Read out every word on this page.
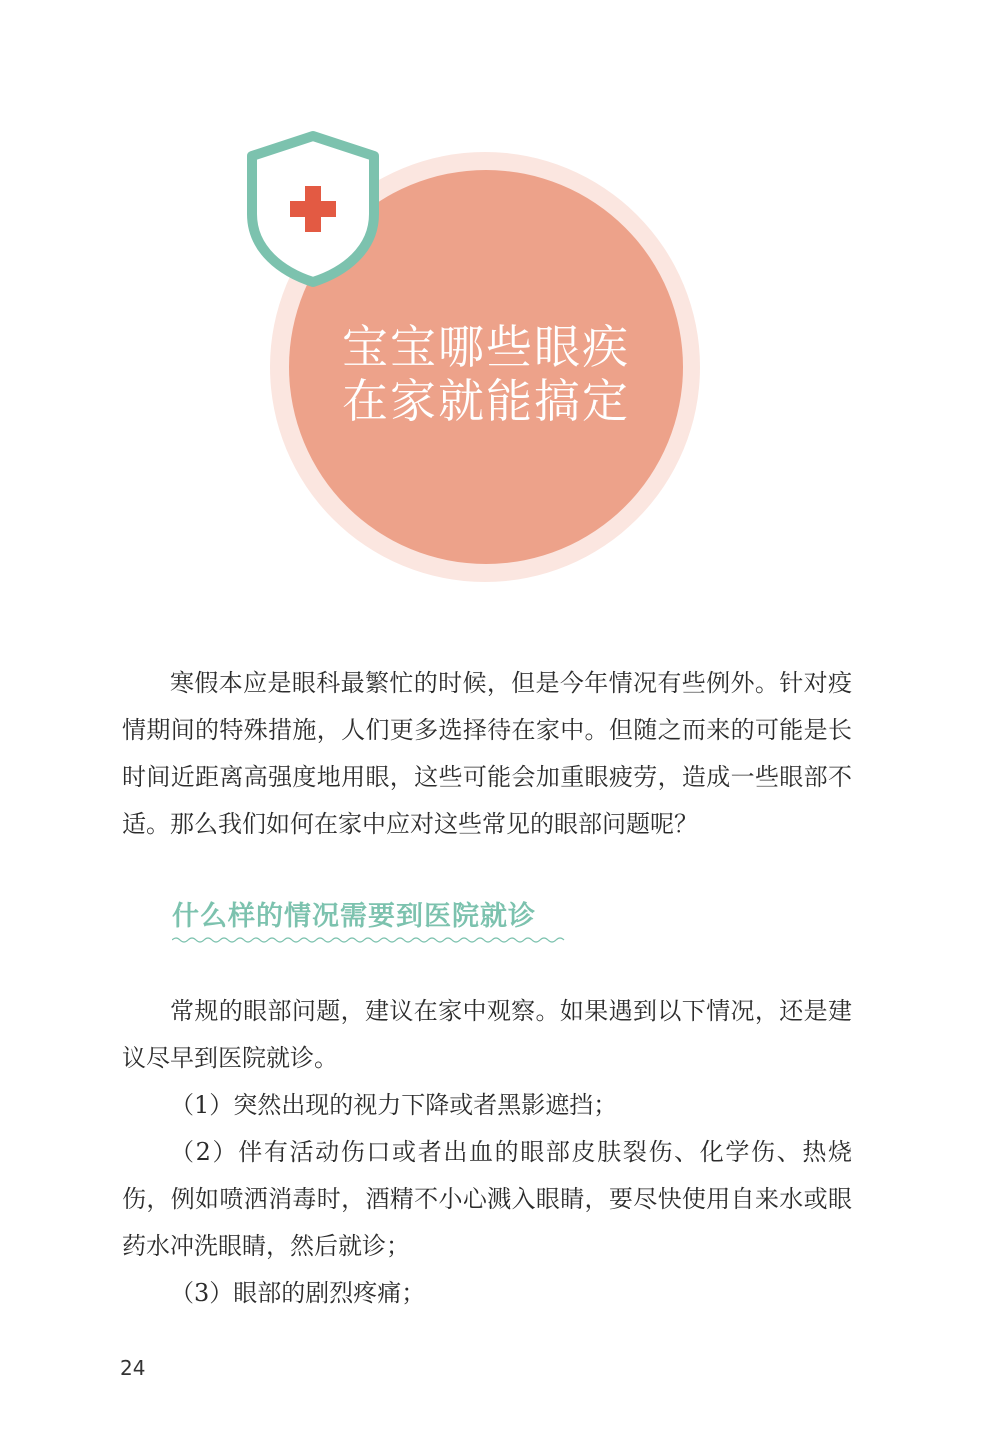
宝宝哪些眼疾
在家就能搞定

寒假本应是眼科最繁忙的时候，但是今年情况有些例外。针对疫情期间的特殊措施，人们更多选择待在家中。但随之而来的可能是长时间近距离高强度地用眼，这些可能会加重眼疲劳，造成一些眼部不适。那么我们如何在家中应对这些常见的眼部问题呢？

什么样的情况需要到医院就诊

常规的眼部问题，建议在家中观察。如果遇到以下情况，还是建议尽早到医院就诊。

（1）突然出现的视力下降或者黑影遮挡；

（2）伴有活动伤口或者出血的眼部皮肤裂伤、化学伤、热烧伤，例如喷洒消毒时，酒精不小心溅入眼睛，要尽快使用自来水或眼药水冲洗眼睛，然后就诊；

（3）眼部的剧烈疼痛；

24
